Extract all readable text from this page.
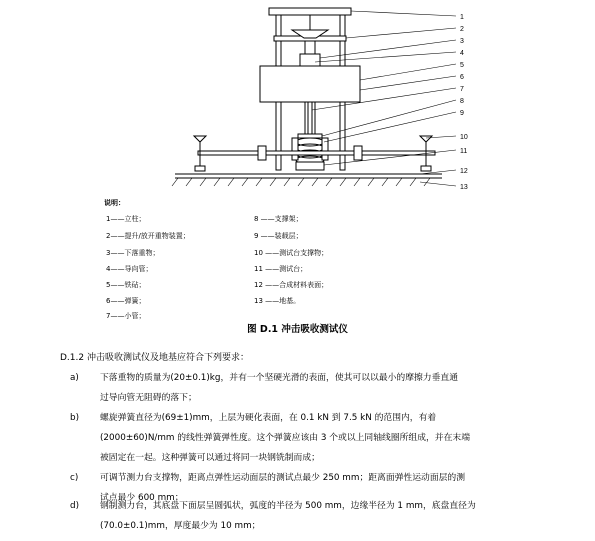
1
2
3
4
5
6
7
8
9
10
11
12
13
说明：
1——立柱；
2——提升/放开重物装置；
3——下落重物；
4——导向管；
5——铁砧；
6——弹簧；
7——小管；
8 ——支撑架；
9 ——装载层；
10 ——测试台支撑物；
11 ——测试台；
12 ——合成材料表面；
13 ——地基。
图 D.1 冲击吸收测试仪
D.1.2 冲击吸收测试仪及地基应符合下列要求：
a) 下落重物的质量为(20±0.1)kg，并有一个坚硬光滑的表面，使其可以以最小的摩擦力垂直通
过导向管无阻碍的落下；
b) 螺旋弹簧直径为(69±1)mm，上层为硬化表面，在 0.1 kN 到 7.5 kN 的范围内，有着
(2000±60)N/mm 的线性弹簧弹性度。这个弹簧应该由 3 个或以上同轴线圈所组成，并在末端
被固定在一起。这种弹簧可以通过将同一块钢铣制而成；
c) 可调节测力台支撑物，距离点弹性运动面层的测试点最少 250 mm；距离面弹性运动面层的测
试点最少 600 mm；
d) 钢制测力台，其底盘下面层呈圆弧状，弧度的半径为 500 mm，边缘半径为 1 mm，底盘直径为
(70.0±0.1)mm，厚度最少为 10 mm；
